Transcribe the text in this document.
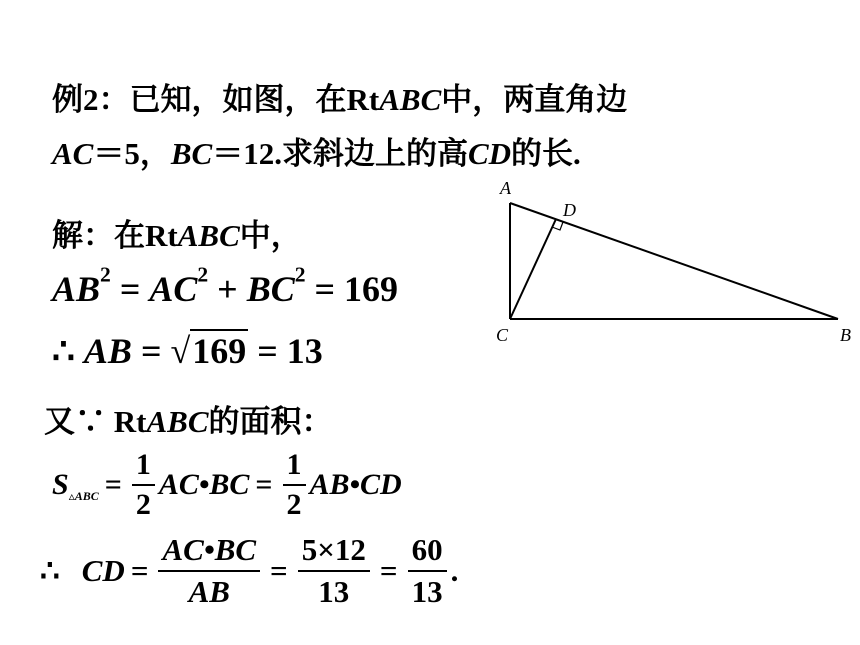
例2：已知，如图，在RtABC中，两直角边
AC＝5，BC＝12.求斜边上的高CD的长.
解：在RtABC中，
$AB^2 = AC^2 + BC^2 = 169$
∴ AB = √169 = 13
又∵ RtABC的面积：
S ▵ABC = $\frac{1}{2}$ AC•BC = $\frac{1}{2}$ AB•CD
∴ CD = $\frac{AC•BC}{AB} = \frac{5\times 12}{13} = \frac{60}{13}$ .
A
D
C	B
